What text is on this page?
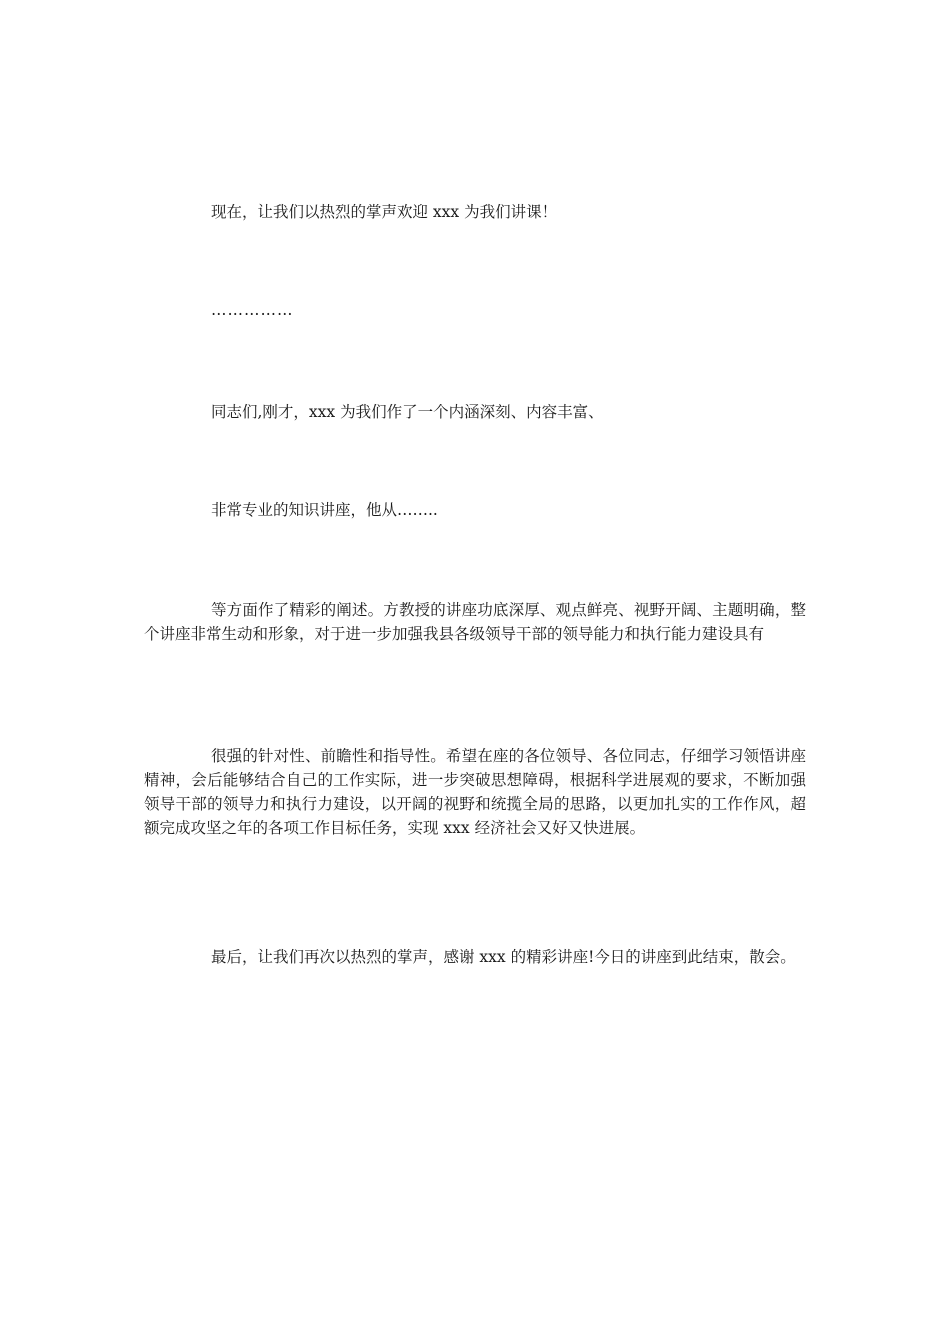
现在，让我们以热烈的掌声欢迎 xxx 为我们讲课！

……………

同志们,刚才，xxx 为我们作了一个内涵深刻、内容丰富、

非常专业的知识讲座，他从……..

等方面作了精彩的阐述。方教授的讲座功底深厚、观点鲜亮、视野开阔、主题明确，整个讲座非常生动和形象，对于进一步加强我县各级领导干部的领导能力和执行能力建设具有

很强的针对性、前瞻性和指导性。希望在座的各位领导、各位同志，仔细学习领悟讲座精神，会后能够结合自己的工作实际，进一步突破思想障碍，根据科学进展观的要求，不断加强领导干部的领导力和执行力建设，以开阔的视野和统揽全局的思路，以更加扎实的工作作风，超额完成攻坚之年的各项工作目标任务，实现 xxx 经济社会又好又快进展。

最后，让我们再次以热烈的掌声，感谢 xxx 的精彩讲座!今日的讲座到此结束，散会。
